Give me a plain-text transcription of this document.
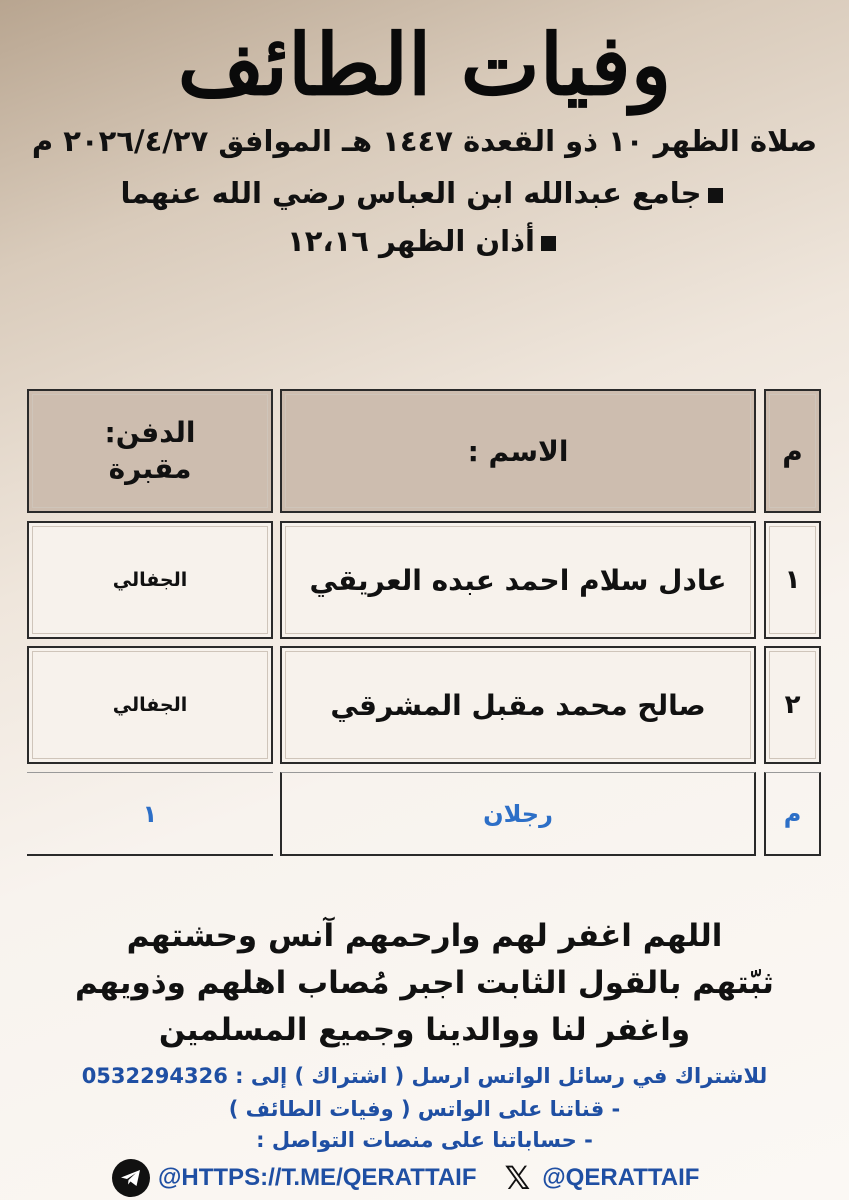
وفيات الطائف
صلاة الظهر ١٠ ذو القعدة ١٤٤٧ هـ الموافق ٢٠٢٦/٤/٢٧ م
جامع عبدالله ابن العباس رضي الله عنهما
أذان الظهر ١٢،١٦
م
الاسم :
الدفن:
مقبرة
١
عادل سلام احمد عبده العريقي
الجفالي
٢
صالح محمد مقبل المشرقي
الجفالي
م
رجلان
١
اللهم اغفر لهم وارحمهم آنس وحشتهم
ثبّتهم بالقول الثابت اجبر مُصاب اهلهم وذويهم
واغفر لنا ووالدينا وجميع المسلمين
للاشتراك في رسائل الواتس ارسل ( اشتراك ) إلى : 0532294326
- قناتنا على الواتس ( وفيات الطائف )
- حساباتنا على منصات التواصل :
@HTTPS://T.ME/QERATTAIF 𝕏 @QERATTAIF
